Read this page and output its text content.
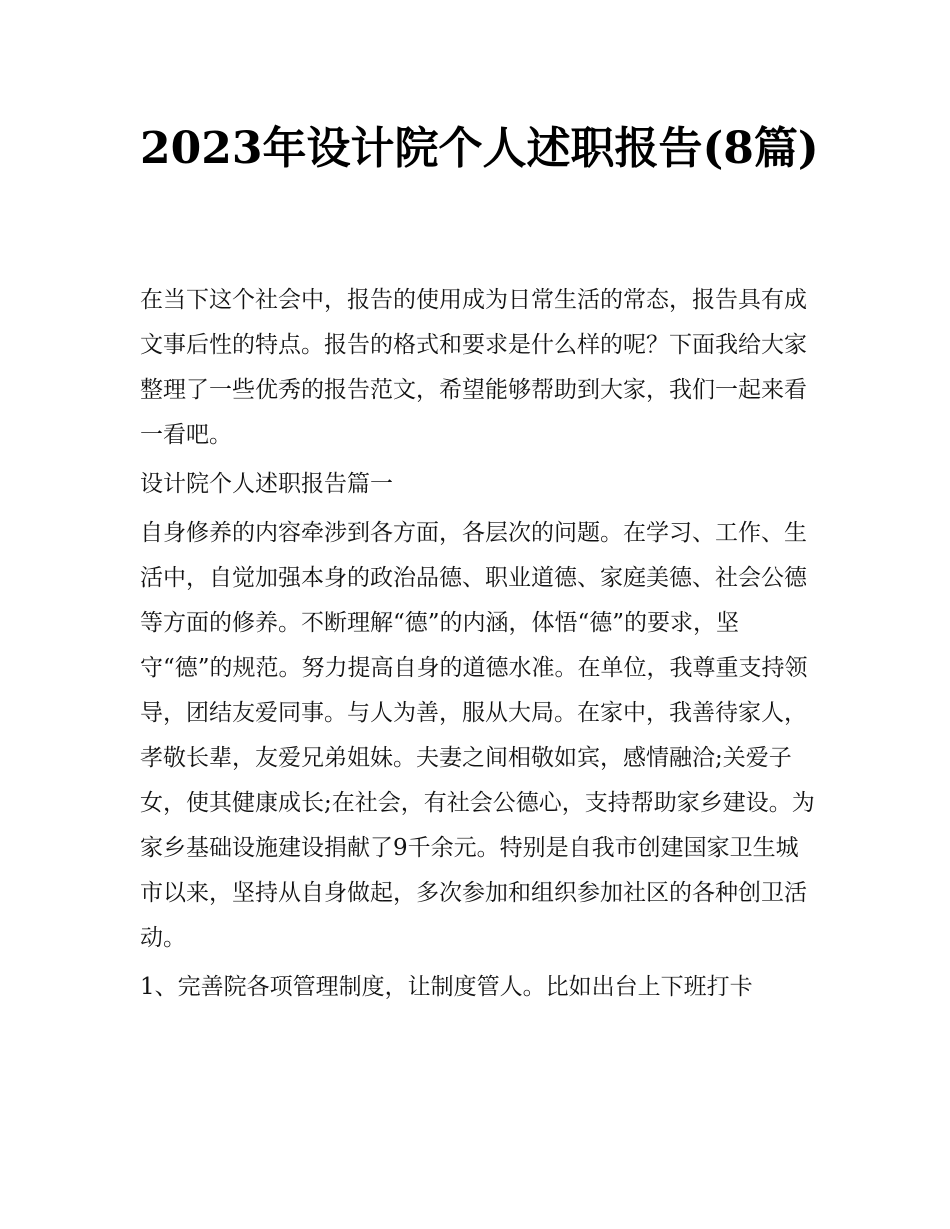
2023年设计院个人述职报告(8篇)

在当下这个社会中，报告的使用成为日常生活的常态，报告具有成文事后性的特点。报告的格式和要求是什么样的呢？下面我给大家整理了一些优秀的报告范文，希望能够帮助到大家，我们一起来看一看吧。

设计院个人述职报告篇一

自身修养的内容牵涉到各方面，各层次的问题。在学习、工作、生活中，自觉加强本身的政治品德、职业道德、家庭美德、社会公德等方面的修养。不断理解“德”的内涵，体悟“德”的要求，坚守“德”的规范。努力提高自身的道德水准。在单位，我尊重支持领导，团结友爱同事。与人为善，服从大局。在家中，我善待家人，孝敬长辈，友爱兄弟姐妹。夫妻之间相敬如宾，感情融洽;关爱子女，使其健康成长;在社会，有社会公德心，支持帮助家乡建设。为家乡基础设施建设捐献了9千余元。特别是自我市创建国家卫生城市以来，坚持从自身做起，多次参加和组织参加社区的各种创卫活动。

1、完善院各项管理制度，让制度管人。比如出台上下班打卡
